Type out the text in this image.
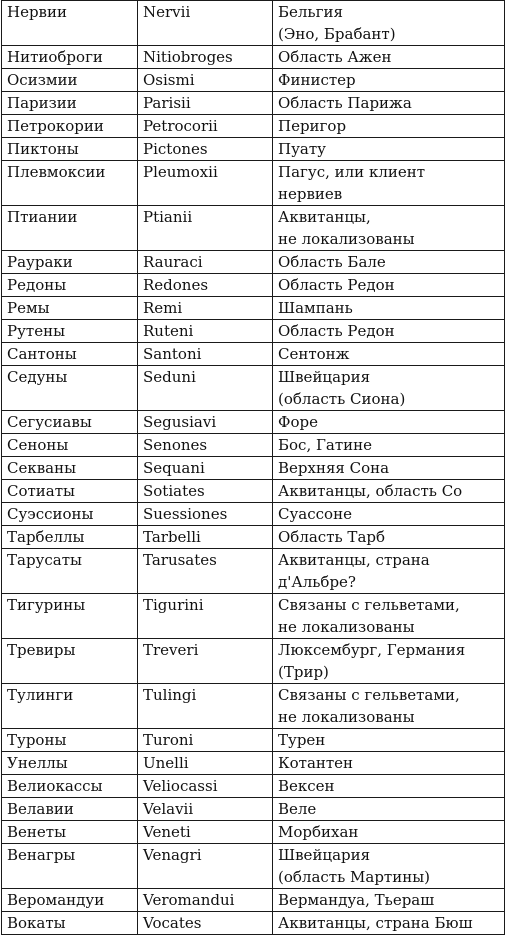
Нервии	Nervii	Бельгия
(Эно, Брабант)
Нитиоброги	Nitiobroges	Область Ажен
Осизмии	Osismi	Финистер
Паризии	Parisii	Область Парижа
Петрокории	Petrocorii	Перигор
Пиктоны	Pictones	Пуату
Плевмоксии	Pleumoxii	Пагус, или клиент
нервиев
Птиании	Ptianii	Аквитанцы,
не локализованы
Раураки	Rauraci	Область Бале
Редоны	Redones	Область Редон
Ремы	Remi	Шампань
Рутены	Ruteni	Область Редон
Сантоны	Santoni	Сентонж
Седуны	Seduni	Швейцария
(область Сиона)
Сегусиавы	Segusiavi	Форе
Сеноны	Senones	Бос, Гатине
Секваны	Sequani	Верхняя Сона
Сотиаты	Sotiates	Аквитанцы, область Со
Суэссионы	Suessiones	Суассоне
Тарбеллы	Tarbelli	Область Тарб
Тарусаты	Tarusates	Аквитанцы, страна
д'Альбре?
Тигурины	Tigurini	Связаны с гельветами,
не локализованы
Тревиры	Treveri	Люксембург, Германия
(Трир)
Тулинги	Tulingi	Связаны с гельветами,
не локализованы
Туроны	Turoni	Турен
Унеллы	Unelli	Котантен
Велиокассы	Veliocassi	Вексен
Велавии	Velavii	Веле
Венеты	Veneti	Морбихан
Венагры	Venagri	Швейцария
(область Мартины)
Веромандуи	Veromandui	Вермандуа, Тьераш
Вокаты	Vocates	Аквитанцы, страна Бюш
